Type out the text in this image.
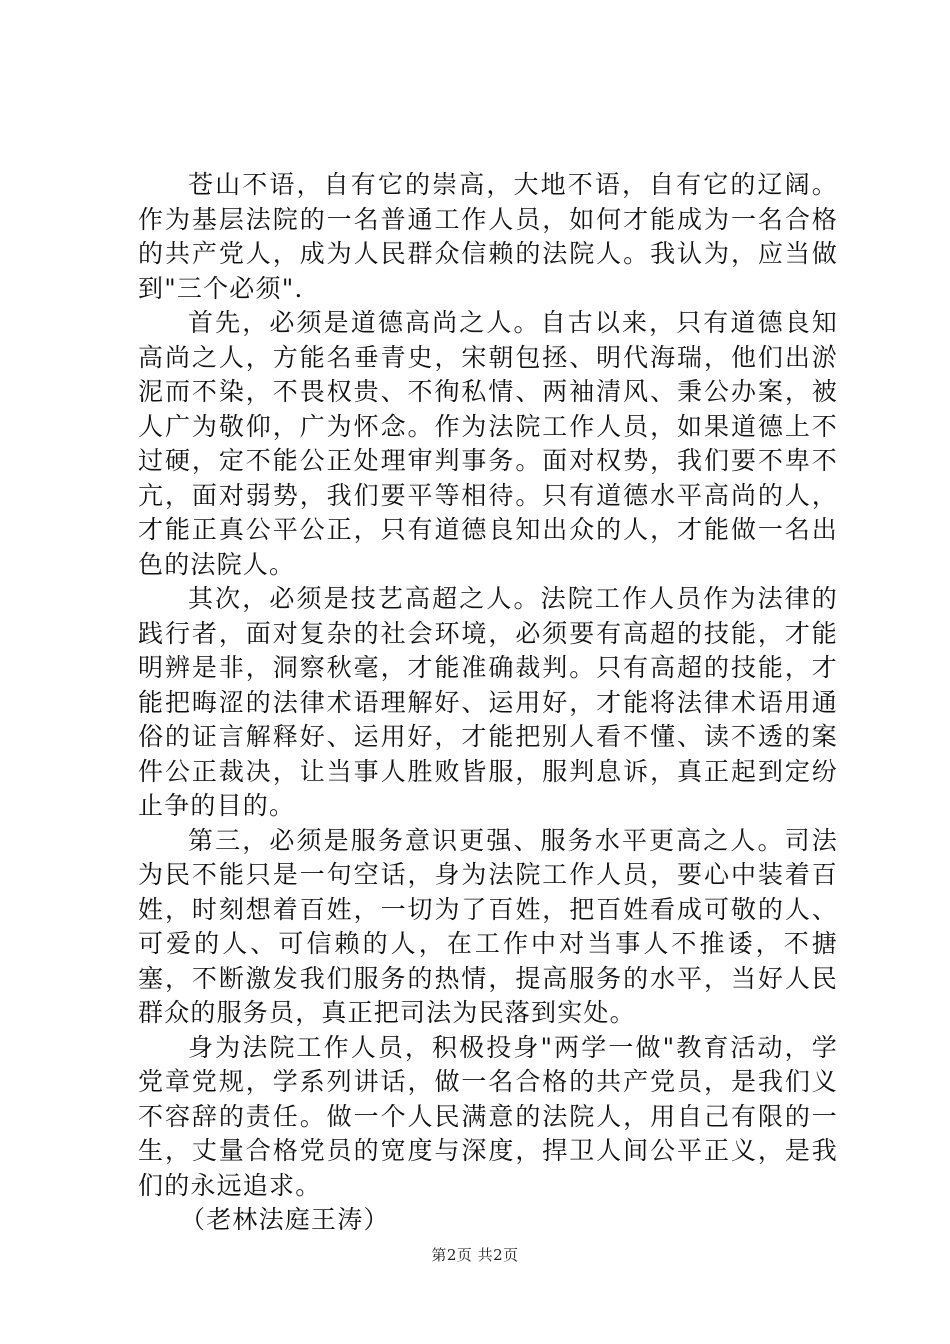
苍山不语，自有它的崇高，大地不语，自有它的辽阔。作为基层法院的一名普通工作人员，如何才能成为一名合格的共产党人，成为人民群众信赖的法院人。我认为，应当做到"三个必须".

首先，必须是道德高尚之人。自古以来，只有道德良知高尚之人，方能名垂青史，宋朝包拯、明代海瑞，他们出淤泥而不染，不畏权贵、不徇私情、两袖清风、秉公办案，被人广为敬仰，广为怀念。作为法院工作人员，如果道德上不过硬，定不能公正处理审判事务。面对权势，我们要不卑不亢，面对弱势，我们要平等相待。只有道德水平高尚的人，才能正真公平公正，只有道德良知出众的人，才能做一名出色的法院人。

其次，必须是技艺高超之人。法院工作人员作为法律的践行者，面对复杂的社会环境，必须要有高超的技能，才能明辨是非，洞察秋毫，才能准确裁判。只有高超的技能，才能把晦涩的法律术语理解好、运用好，才能将法律术语用通俗的证言解释好、运用好，才能把别人看不懂、读不透的案件公正裁决，让当事人胜败皆服，服判息诉，真正起到定纷止争的目的。

第三，必须是服务意识更强、服务水平更高之人。司法为民不能只是一句空话，身为法院工作人员，要心中装着百姓，时刻想着百姓，一切为了百姓，把百姓看成可敬的人、可爱的人、可信赖的人，在工作中对当事人不推诿，不搪塞，不断激发我们服务的热情，提高服务的水平，当好人民群众的服务员，真正把司法为民落到实处。

身为法院工作人员，积极投身"两学一做"教育活动，学党章党规，学系列讲话，做一名合格的共产党员，是我们义不容辞的责任。做一个人民满意的法院人，用自己有限的一生，丈量合格党员的宽度与深度，捍卫人间公平正义，是我们的永远追求。

（老林法庭王涛）

第2页 共2页
